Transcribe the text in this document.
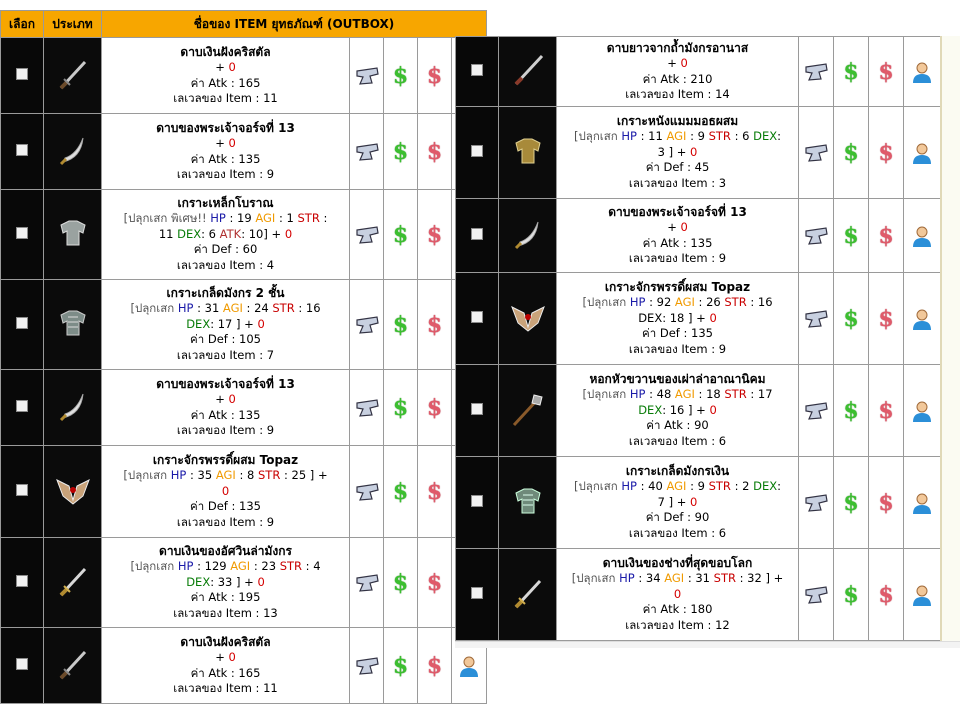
เลือก	ประเภท	ชื่อของ ITEM ยุทธภัณฑ์ (OUTBOX)				

ดาบเงินฝังคริสตัล
+ 0
ค่า Atk : 165
เลเวลของ Item : 11		$	$	

ดาบของพระเจ้าจอร์จที่ 13
+ 0
ค่า Atk : 135
เลเวลของ Item : 9		$	$	

เกราะเหล็กโบราณ
[ปลุกเสก พิเศษ!! HP : 19 AGI : 1 STR :
11 DEX: 6 ATK: 10] + 0
ค่า Def : 60
เลเวลของ Item : 4		$	$	

เกราะเกล็ดมังกร 2 ชั้น
[ปลุกเสก HP : 31 AGI : 24 STR : 16
DEX: 17 ] + 0
ค่า Def : 105
เลเวลของ Item : 7		$	$	

ดาบของพระเจ้าจอร์จที่ 13
+ 0
ค่า Atk : 135
เลเวลของ Item : 9		$	$	

เกราะจักรพรรดิ์ผสม Topaz
[ปลุกเสก HP : 35 AGI : 8 STR : 25 ] +
0
ค่า Def : 135
เลเวลของ Item : 9		$	$	

ดาบเงินของอัศวินล่ามังกร
[ปลุกเสก HP : 129 AGI : 23 STR : 4
DEX: 33 ] + 0
ค่า Atk : 195
เลเวลของ Item : 13		$	$	

ดาบเงินฝังคริสตัล
+ 0
ค่า Atk : 165
เลเวลของ Item : 11		$	$	

ดาบยาวจากถ้ำมังกรอานาส
+ 0
ค่า Atk : 210
เลเวลของ Item : 14		$	$	

เกราะหนังแมมมอธผสม
[ปลุกเสก HP : 11 AGI : 9 STR : 6 DEX:
3 ] + 0
ค่า Def : 45
เลเวลของ Item : 3		$	$	

ดาบของพระเจ้าจอร์จที่ 13
+ 0
ค่า Atk : 135
เลเวลของ Item : 9		$	$	

เกราะจักรพรรดิ์ผสม Topaz
[ปลุกเสก HP : 92 AGI : 26 STR : 16
DEX: 18 ] + 0
ค่า Def : 135
เลเวลของ Item : 9		$	$	

หอกหัวขวานของเผ่าล่าอาณานิคม
[ปลุกเสก HP : 48 AGI : 18 STR : 17
DEX: 16 ] + 0
ค่า Atk : 90
เลเวลของ Item : 6		$	$	

เกราะเกล็ดมังกรเงิน
[ปลุกเสก HP : 40 AGI : 9 STR : 2 DEX:
7 ] + 0
ค่า Def : 90
เลเวลของ Item : 6		$	$	

ดาบเงินของช่างที่สุดขอบโลก
[ปลุกเสก HP : 34 AGI : 31 STR : 32 ] +
0
ค่า Atk : 180
เลเวลของ Item : 12		$	$	
